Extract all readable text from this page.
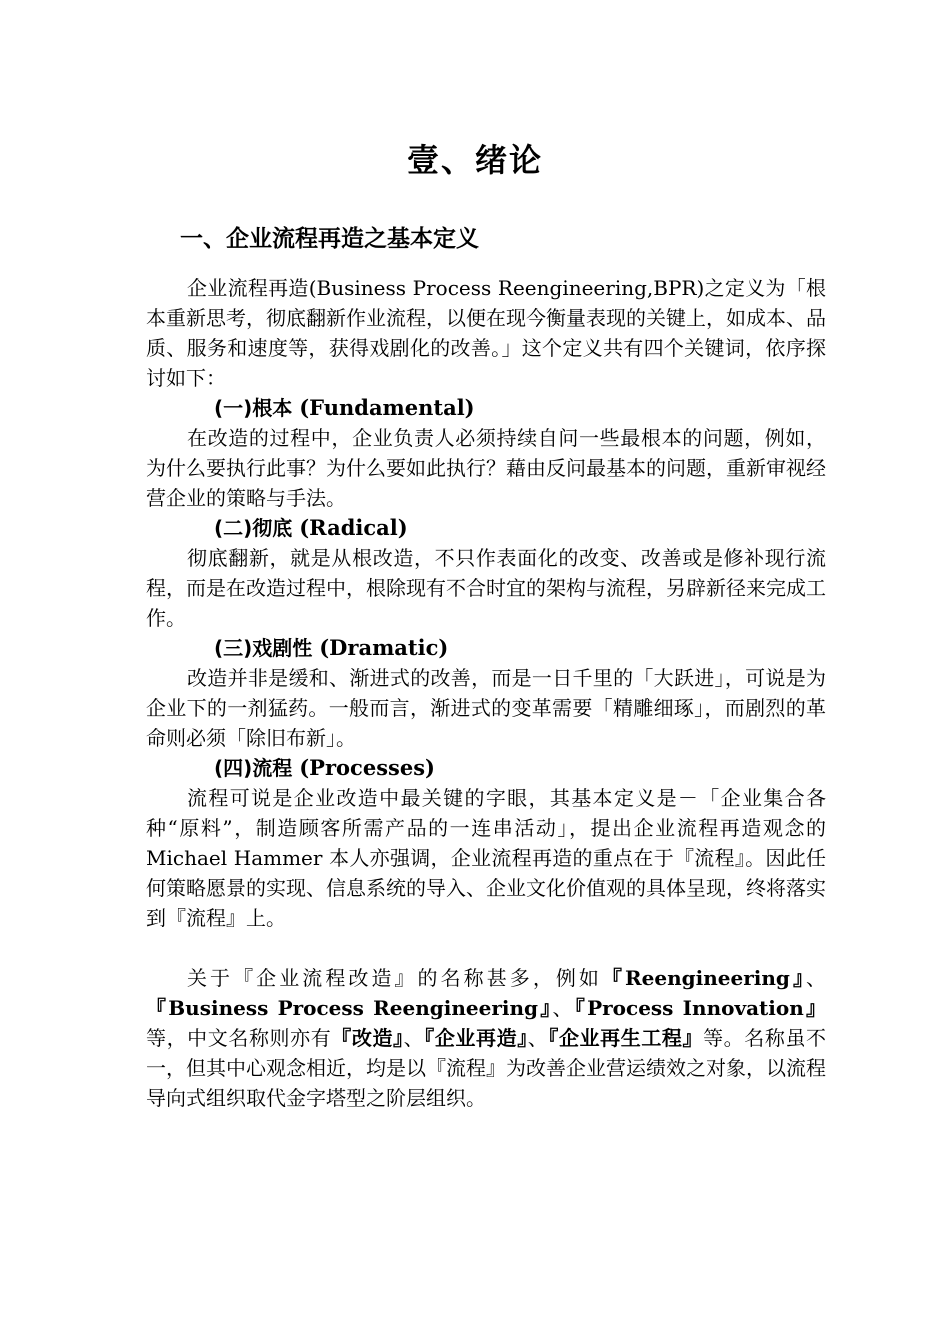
壹、绪论
一、企业流程再造之基本定义

企业流程再造(Business Process Reengineering,BPR)之定义为「根本重新思考，彻底翻新作业流程，以便在现今衡量表现的关键上，如成本、品质、服务和速度等，获得戏剧化的改善。」这个定义共有四个关键词，依序探讨如下：

(一)根本 (Fundamental)

在改造的过程中，企业负责人必须持续自问一些最根本的问题，例如，为什么要执行此事？为什么要如此执行？藉由反问最基本的问题，重新审视经营企业的策略与手法。

(二)彻底 (Radical)

彻底翻新，就是从根改造，不只作表面化的改变、改善或是修补现行流程，而是在改造过程中，根除现有不合时宜的架构与流程，另辟新径来完成工作。

(三)戏剧性 (Dramatic)

改造并非是缓和、渐进式的改善，而是一日千里的「大跃进」，可说是为企业下的一剂猛药。一般而言，渐进式的变革需要「精雕细琢」，而剧烈的革命则必须「除旧布新」。

(四)流程 (Processes)

流程可说是企业改造中最关键的字眼，其基本定义是－「企业集合各种“原料”，制造顾客所需产品的一连串活动」，提出企业流程再造观念的 Michael Hammer 本人亦强调，企业流程再造的重点在于『流程』。因此任何策略愿景的实现、信息系统的导入、企业文化价值观的具体呈现，终将落实到『流程』上。

关于『企业流程改造』的名称甚多，例如『Reengineering』、『Business Process Reengineering』、『Process Innovation』等，中文名称则亦有『改造』、『企业再造』、『企业再生工程』等。名称虽不一，但其中心观念相近，均是以『流程』为改善企业营运绩效之对象，以流程导向式组织取代金字塔型之阶层组织。
